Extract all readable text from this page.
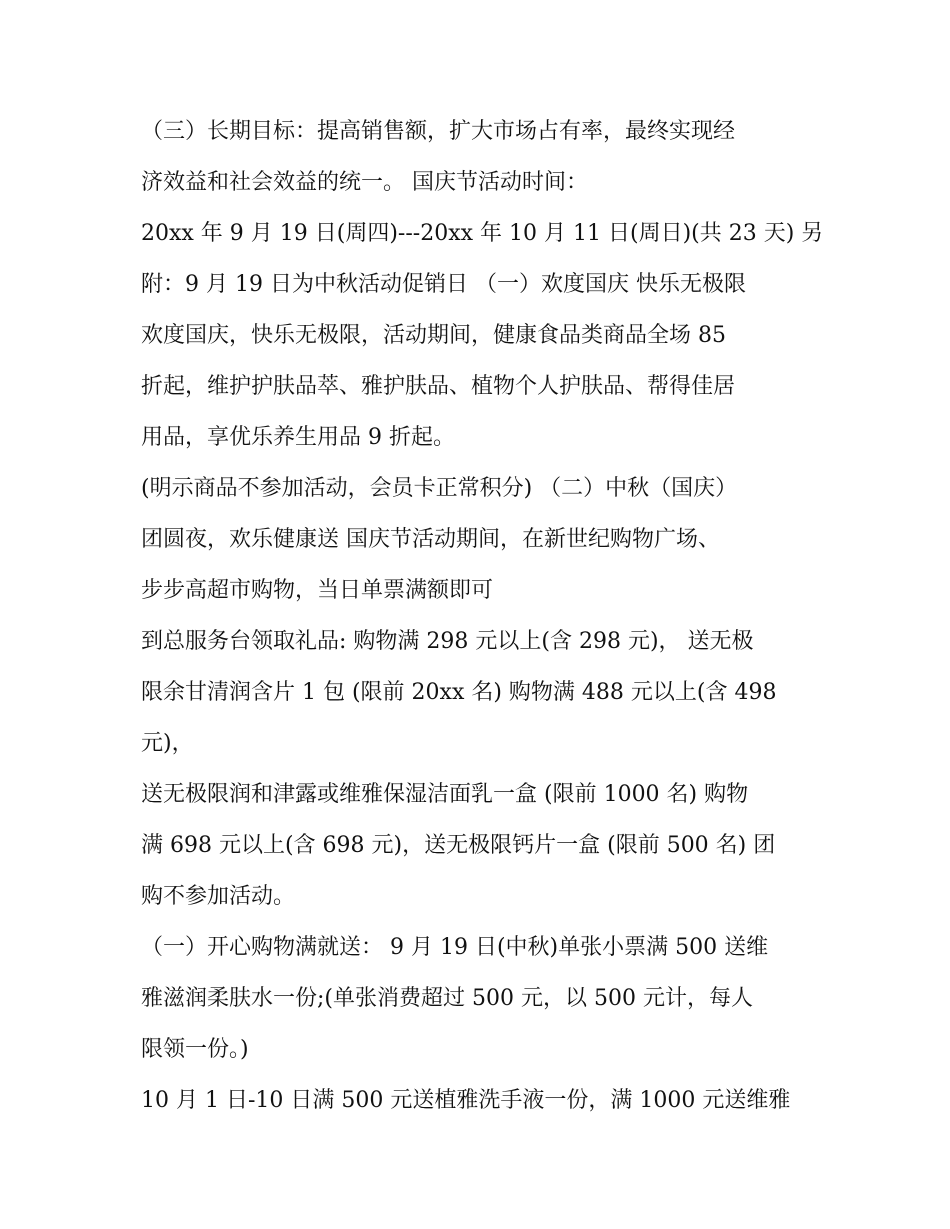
（三）长期目标：提高销售额，扩大市场占有率，最终实现经

济效益和社会效益的统一。 国庆节活动时间：

20xx 年 9 月 19 日(周四)---20xx 年 10 月 11 日(周日)(共 23 天) 另

附：9 月 19 日为中秋活动促销日 （一）欢度国庆 快乐无极限

欢度国庆，快乐无极限，活动期间，健康食品类商品全场 85

折起，维护护肤品萃、雅护肤品、植物个人护肤品、帮得佳居

用品，享优乐养生用品 9 折起。

(明示商品不参加活动，会员卡正常积分) （二）中秋（国庆）

团圆夜，欢乐健康送 国庆节活动期间，在新世纪购物广场、

步步高超市购物，当日单票满额即可

到总服务台领取礼品: 购物满 298 元以上(含 298 元)， 送无极

限余甘清润含片 1 包 (限前 20xx 名) 购物满 488 元以上(含 498

元)，

送无极限润和津露或维雅保湿洁面乳一盒 (限前 1000 名) 购物

满 698 元以上(含 698 元)，送无极限钙片一盒 (限前 500 名) 团

购不参加活动。

（一）开心购物满就送： 9 月 19 日(中秋)单张小票满 500 送维

雅滋润柔肤水一份;(单张消费超过 500 元，以 500 元计，每人

限领一份。)

10 月 1 日-10 日满 500 元送植雅洗手液一份，满 1000 元送维雅
